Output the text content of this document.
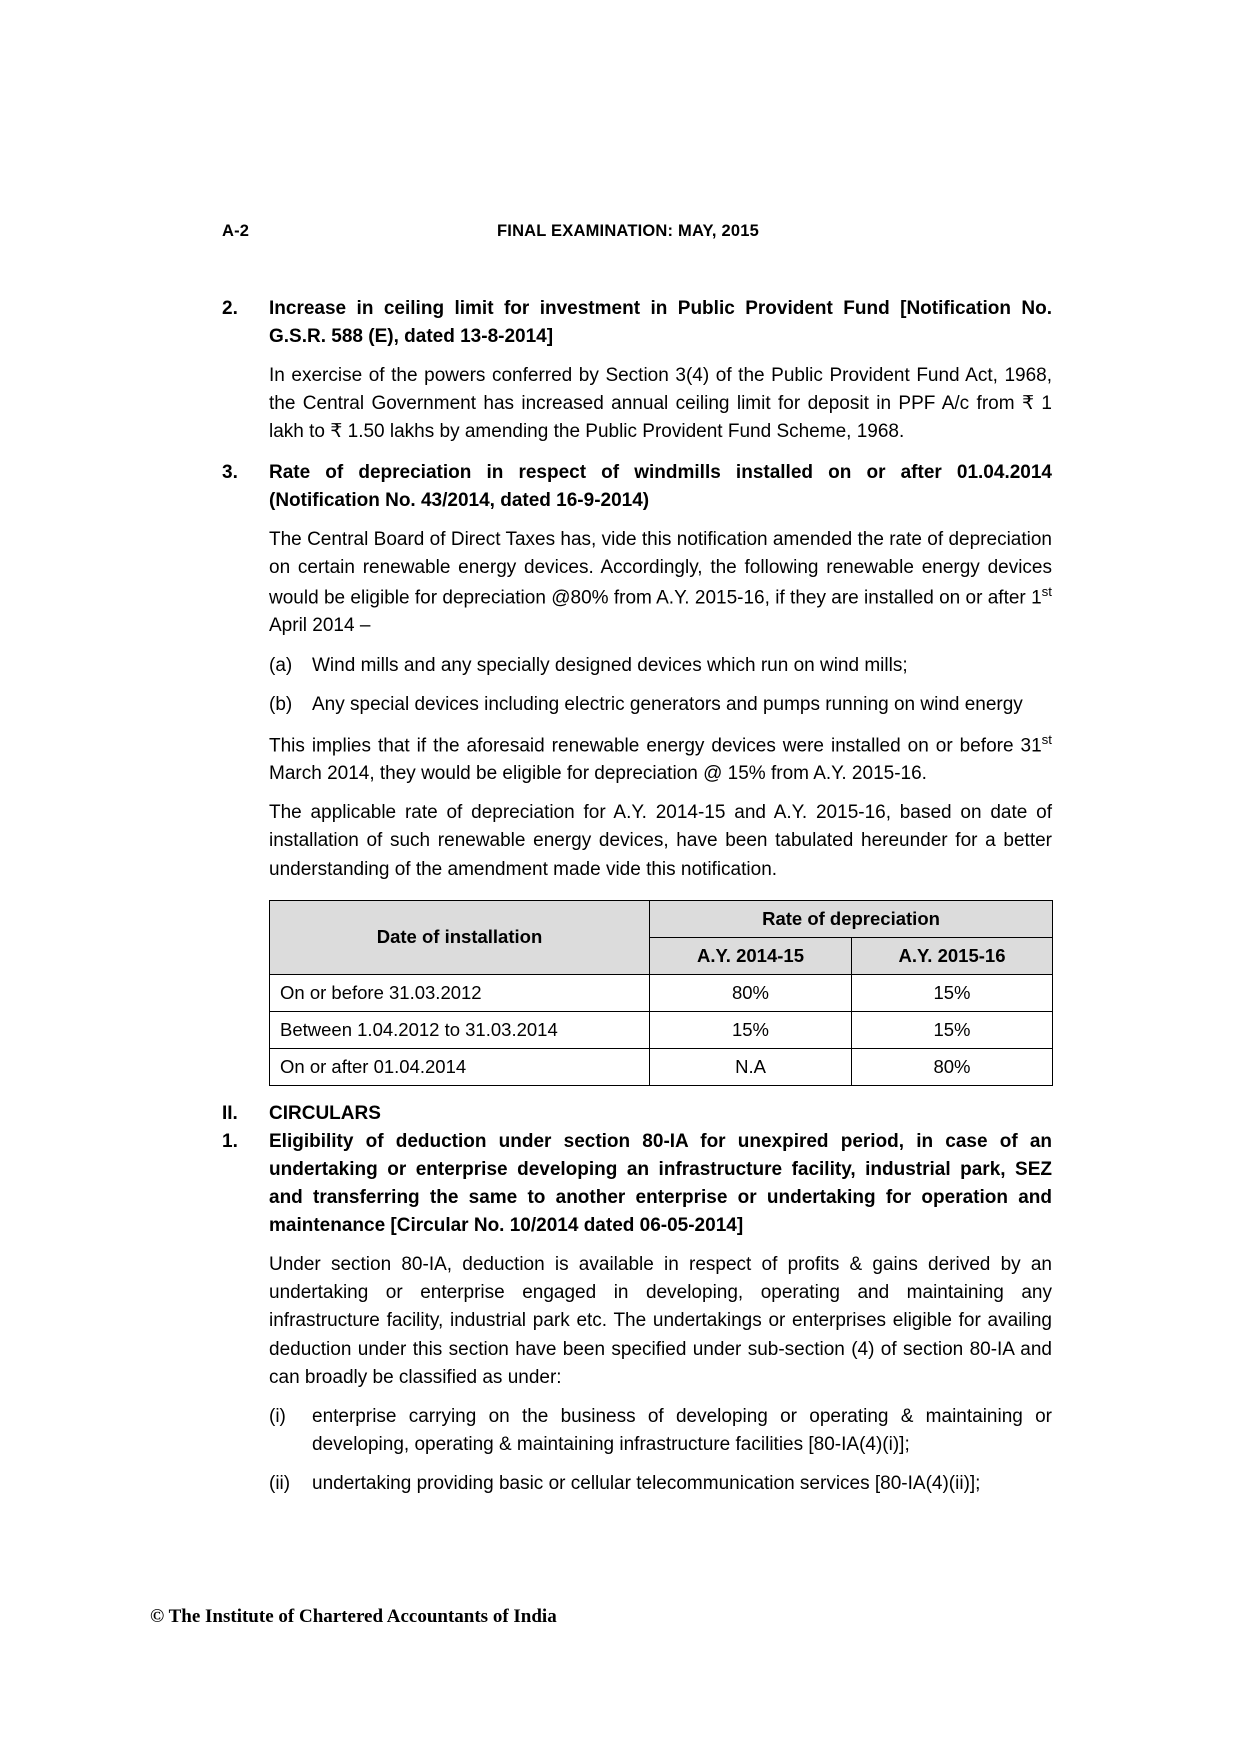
A-2	FINAL EXAMINATION: MAY, 2015
2. Increase in ceiling limit for investment in Public Provident Fund [Notification No. G.S.R. 588 (E), dated 13-8-2014]

In exercise of the powers conferred by Section 3(4) of the Public Provident Fund Act, 1968, the Central Government has increased annual ceiling limit for deposit in PPF A/c from ₹ 1 lakh to ₹ 1.50 lakhs by amending the Public Provident Fund Scheme, 1968.

3. Rate of depreciation in respect of windmills installed on or after 01.04.2014 (Notification No. 43/2014, dated 16-9-2014)

The Central Board of Direct Taxes has, vide this notification amended the rate of depreciation on certain renewable energy devices. Accordingly, the following renewable energy devices would be eligible for depreciation @80% from A.Y. 2015-16, if they are installed on or after 1st April 2014 –

(a) Wind mills and any specially designed devices which run on wind mills;
(b) Any special devices including electric generators and pumps running on wind energy

This implies that if the aforesaid renewable energy devices were installed on or before 31st March 2014, they would be eligible for depreciation @ 15% from A.Y. 2015-16.

The applicable rate of depreciation for A.Y. 2014-15 and A.Y. 2015-16, based on date of installation of such renewable energy devices, have been tabulated hereunder for a better understanding of the amendment made vide this notification.

Date of installation	Rate of depreciation	
	A.Y. 2014-15	A.Y. 2015-16
On or before 31.03.2012	80%	15%
Between 1.04.2012 to 31.03.2014	15%	15%
On or after 01.04.2014	N.A	80%
II. CIRCULARS
1. Eligibility of deduction under section 80-IA for unexpired period, in case of an undertaking or enterprise developing an infrastructure facility, industrial park, SEZ and transferring the same to another enterprise or undertaking for operation and maintenance [Circular No. 10/2014 dated 06-05-2014]

Under section 80-IA, deduction is available in respect of profits & gains derived by an undertaking or enterprise engaged in developing, operating and maintaining any infrastructure facility, industrial park etc. The undertakings or enterprises eligible for availing deduction under this section have been specified under sub-section (4) of section 80-IA and can broadly be classified as under:

(i) enterprise carrying on the business of developing or operating & maintaining or developing, operating & maintaining infrastructure facilities [80-IA(4)(i)];
(ii) undertaking providing basic or cellular telecommunication services [80-IA(4)(ii)];
© The Institute of Chartered Accountants of India
